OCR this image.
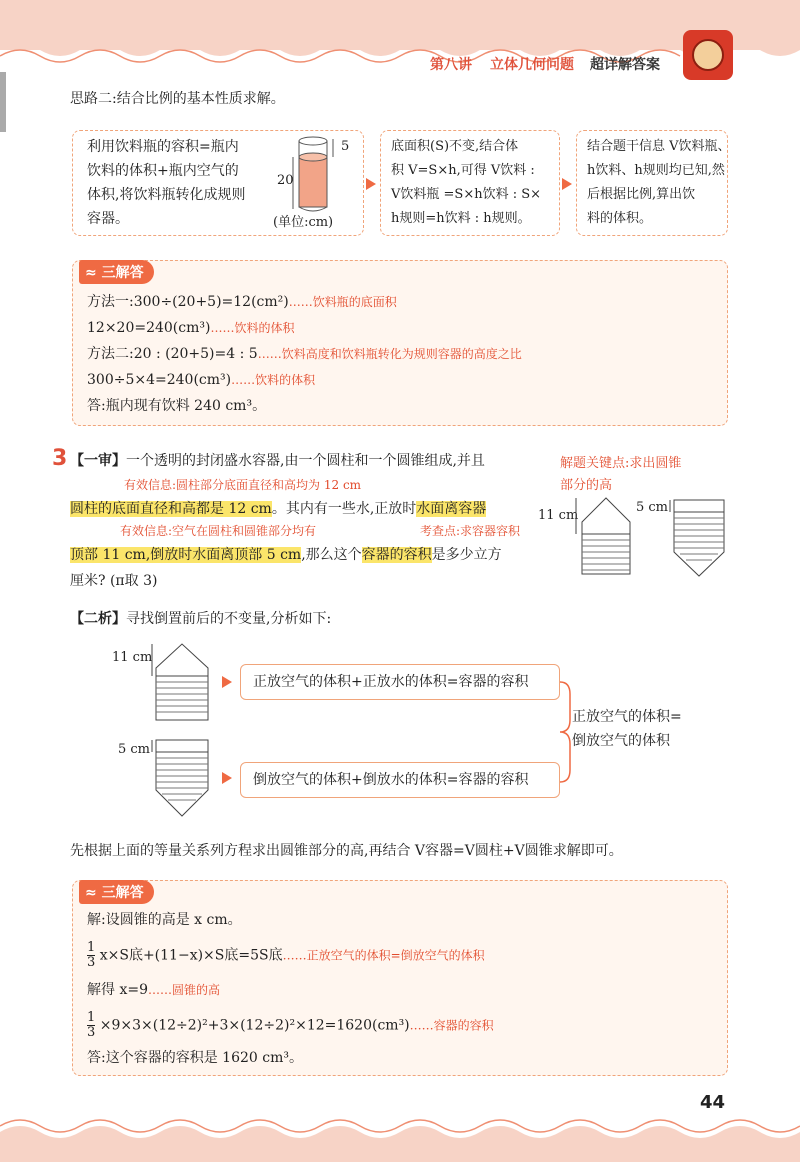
第八讲 立体几何问题 超详解答案
思路二:结合比例的基本性质求解。
利用饮料瓶的容积=瓶内
饮料的体积+瓶内空气的
体积,将饮料瓶转化成规则
容器。
5
20
(单位:cm)
底面积(S)不变,结合体
积 V=S×h,可得 V饮料 :
V饮料瓶 =S×h饮料 : S×
h规则=h饮料 : h规则。
结合题干信息 V饮料瓶、
h饮料、h规则均已知,然
后根据比例,算出饮
料的体积。
≈ 三解答
方法一:300÷(20+5)=12(cm²)……饮料瓶的底面积
12×20=240(cm³)……饮料的体积
方法二:20 : (20+5)=4 : 5……饮料高度和饮料瓶转化为规则容器的高度之比
300÷5×4=240(cm³)……饮料的体积
答:瓶内现有饮料 240 cm³。
3 【一审】一个透明的封闭盛水容器,由一个圆柱和一个圆锥组成,并且
有效信息:圆柱部分底面直径和高均为 12 cm
圆柱的底面直径和高都是 12 cm。其内有一些水,正放时水面离容器
有效信息:空气在圆柱和圆锥部分均有	考查点:求容器容积
顶部 11 cm,倒放时水面离顶部 5 cm,那么这个容器的容积是多少立方
厘米? (π取 3)
解题关键点:求出圆锥
部分的高
11 cm
5 cm
【二析】寻找倒置前后的不变量,分析如下:
11 cm
正放空气的体积+正放水的体积=容器的容积
5 cm
倒放空气的体积+倒放水的体积=容器的容积
正放空气的体积=
倒放空气的体积
先根据上面的等量关系列方程求出圆锥部分的高,再结合 V容器=V圆柱+V圆锥求解即可。
≈ 三解答
解:设圆锥的高是 x cm。
$\frac{1}{3} x\times S$底+(11−x)×S底=5S底……正放空气的体积=倒放空气的体积
解得 x=9……圆锥的高
$\frac{1}{3}$ ×9×3×(12÷2)²+3×(12÷2)²×12=1620(cm³)……容器的容积
答:这个容器的容积是 1620 cm³。
44
